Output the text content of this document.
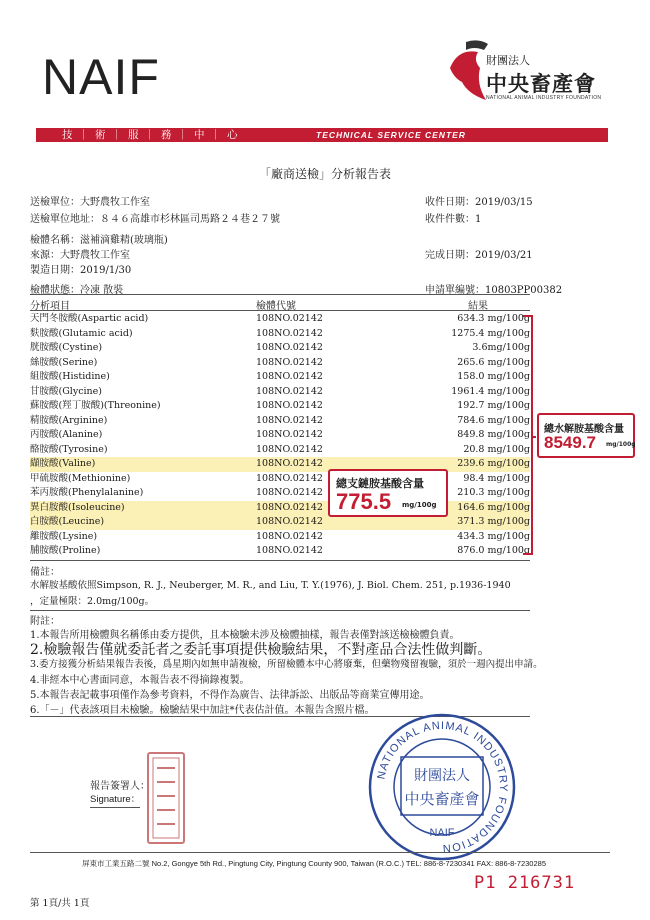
NAIF	財團法人
中央畜產會
NATIONAL ANIMAL INDUSTRY FOUNDATION
技｜術｜服｜務｜中｜心	TECHNICAL SERVICE CENTER
「廠商送檢」分析報告表
送檢單位：大野農牧工作室
送檢單位地址：８４６高雄市杉林區司馬路２４巷２７號
檢體名稱：滋補滴雞精(玻璃瓶)
來源：大野農牧工作室
製造日期：2019/1/30
檢體狀態：冷凍 散裝
收件日期：2019/03/15
收件件數：1
完成日期：2019/03/21
申請單編號：10803PP00382
分析項目	檢體代號	結果
天門冬胺酸(Aspartic acid)	108NO.02142	634.3 mg/100g
麩胺酸(Glutamic acid)	108NO.02142	1275.4 mg/100g
胱胺酸(Cystine)	108NO.02142	3.6mg/100g
絲胺酸(Serine)	108NO.02142	265.6 mg/100g
組胺酸(Histidine)	108NO.02142	158.0 mg/100g
甘胺酸(Glycine)	108NO.02142	1961.4 mg/100g
蘇胺酸(羥丁胺酸)(Threonine)	108NO.02142	192.7 mg/100g
精胺酸(Arginine)	108NO.02142	784.6 mg/100g
丙胺酸(Alanine)	108NO.02142	849.8 mg/100g
酪胺酸(Tyrosine)	108NO.02142	20.8 mg/100g
纈胺酸(Valine)	108NO.02142	239.6 mg/100g
甲硫胺酸(Methionine)	108NO.02142	98.4 mg/100g
苯丙胺酸(Phenylalanine)	108NO.02142	210.3 mg/100g
異白胺酸(Isoleucine)	108NO.02142	164.6 mg/100g
白胺酸(Leucine)	108NO.02142	371.3 mg/100g
離胺酸(Lysine)	108NO.02142	434.3 mg/100g
脯胺酸(Proline)	108NO.02142	876.0 mg/100g
總支鏈胺基酸含量
775.5 mg/100g
總水解胺基酸含量
8549.7 mg/100g
備註：
水解胺基酸依照Simpson, R. J., Neuberger, M. R., and Liu, T. Y.(1976), J. Biol. Chem. 251, p.1936-1940
，定量極限：2.0mg/100g。
附註：
1.本報告所用檢體與名稱係由委方提供，且本檢驗未涉及檢體抽樣，報告表僅對該送檢檢體負責。
2.檢驗報告僅就委託者之委託事項提供檢驗結果，不對產品合法性做判斷。
3.委方接獲分析結果報告表後，爲星期內如無申請複檢，所留檢體本中心將廢棄，但藥物殘留複驗，須於一週內提出申請。
4.非經本中心書面同意，本報告表不得摘錄複製。
5.本報告表記載事項僅作為參考資料，不得作為廣告、法律訴訟、出版品等商業宣傳用途。
6.「－」代表該項目未檢驗。檢驗結果中加註*代表估計值。本報告含照片檔。
報告簽署人：
Signature：
NATIONAL ANIMAL INDUSTRY FOUNDATION
財團法人
中央畜產會
NAIF
屏東市工業五路二號 No.2, Gongye 5th Rd., Pingtung City, Pingtung County 900, Taiwan (R.O.C.) TEL: 886-8-7230341 FAX: 886-8-7230285
P1 216731
第 1頁/共 1頁
